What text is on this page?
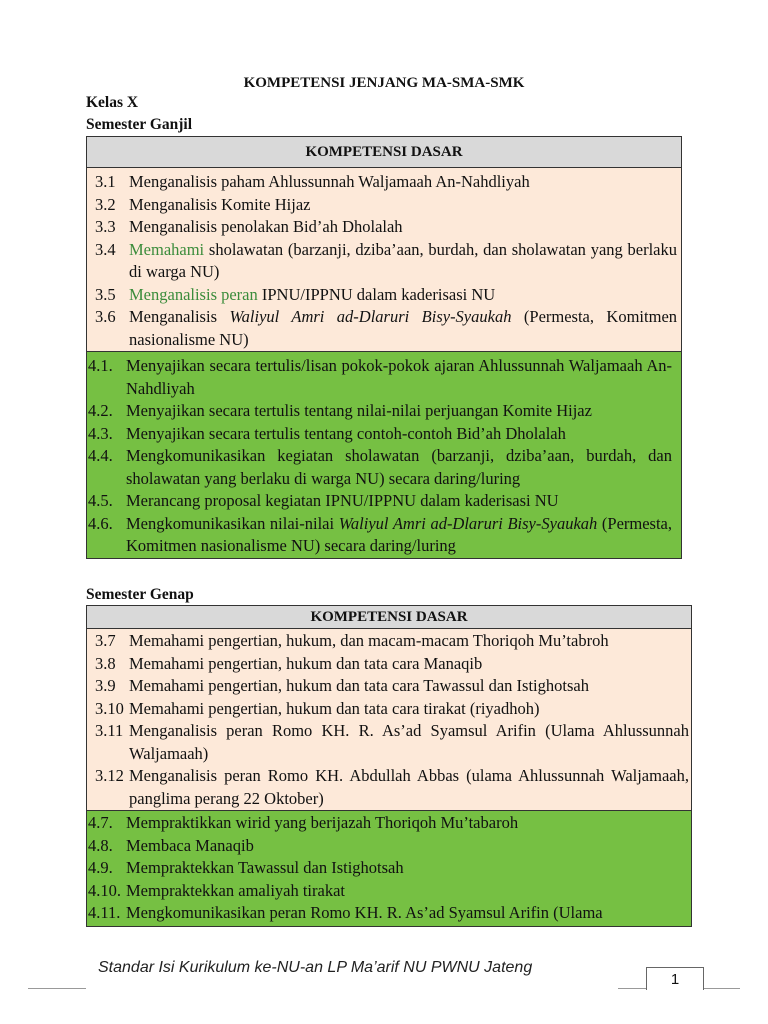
KOMPETENSI JENJANG MA-SMA-SMK
Kelas X
Semester Ganjil
KOMPETENSI DASAR

3.1 Menganalisis paham Ahlussunnah Waljamaah An-Nahdliyah
3.2 Menganalisis Komite Hijaz
3.3 Menganalisis penolakan Bid’ah Dholalah
3.4 Memahami sholawatan (barzanji, dziba’aan, burdah, dan sholawatan yang berlaku di warga NU)
3.5 Menganalisis peran IPNU/IPPNU dalam kaderisasi NU
3.6 Menganalisis Waliyul Amri ad-Dlaruri Bisy-Syaukah (Permesta, Komitmen nasionalisme NU)

4.1. Menyajikan secara tertulis/lisan pokok-pokok ajaran Ahlussunnah Waljamaah An-Nahdliyah
4.2. Menyajikan secara tertulis tentang nilai-nilai perjuangan Komite Hijaz
4.3. Menyajikan secara tertulis tentang contoh-contoh Bid’ah Dholalah
4.4. Mengkomunikasikan kegiatan sholawatan (barzanji, dziba’aan, burdah, dan sholawatan yang berlaku di warga NU) secara daring/luring
4.5. Merancang proposal kegiatan IPNU/IPPNU dalam kaderisasi NU
4.6. Mengkomunikasikan nilai-nilai Waliyul Amri ad-Dlaruri Bisy-Syaukah (Permesta, Komitmen nasionalisme NU) secara daring/luring
Semester Genap
KOMPETENSI DASAR

3.7 Memahami pengertian, hukum, dan macam-macam Thoriqoh Mu’tabroh
3.8 Memahami pengertian, hukum dan tata cara Manaqib
3.9 Memahami pengertian, hukum dan tata cara Tawassul dan Istighotsah
3.10 Memahami pengertian, hukum dan tata cara tirakat (riyadhoh)
3.11 Menganalisis peran Romo KH. R. As’ad Syamsul Arifin (Ulama Ahlussunnah Waljamaah)
3.12 Menganalisis peran Romo KH. Abdullah Abbas (ulama Ahlussunnah Waljamaah, panglima perang 22 Oktober)

4.7. Mempraktikkan wirid yang berijazah Thoriqoh Mu’tabaroh
4.8. Membaca Manaqib
4.9. Mempraktekkan Tawassul dan Istighotsah
4.10. Mempraktekkan amaliyah tirakat
4.11. Mengkomunikasikan peran Romo KH. R. As’ad Syamsul Arifin (Ulama
Standar Isi Kurikulum ke-NU-an LP Ma’arif NU PWNU Jateng
1
